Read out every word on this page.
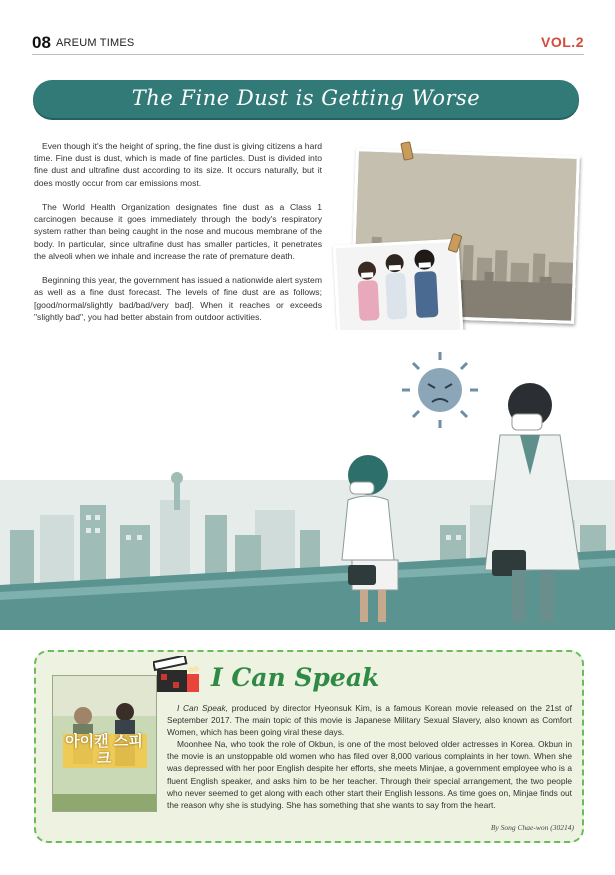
08 AREUM TIMES	VOL.2
The Fine Dust is Getting Worse

Even though it's the height of spring, the fine dust is giving citizens a hard time. Fine dust is dust, which is made of fine particles. Dust is divided into fine dust and ultrafine dust according to its size. It occurs naturally, but it does mostly occur from car emissions most.

The World Health Organization designates fine dust as a Class 1 carcinogen because it goes immediately through the body's respiratory system rather than being caught in the nose and mucous membrane of the body. In particular, since ultrafine dust has smaller particles, it penetrates the alveoli when we inhale and increase the rate of premature death.

Beginning this year, the government has issued a nationwide alert system as well as a fine dust forecast. The levels of fine dust are as follows; [good/normal/slightly bad/bad/very bad]. When it reaches or exceeds "slightly bad", you had better abstain from outdoor activities.

아이캔 스피크
I Can Speak

I Can Speak, produced by director Hyeonsuk Kim, is a famous Korean movie released on the 21st of September 2017. The main topic of this movie is Japanese Military Sexual Slavery, also known as Comfort Women, which has been going viral these days.

Moonhee Na, who took the role of Okbun, is one of the most beloved older actresses in Korea. Okbun in the movie is an unstoppable old women who has filed over 8,000 various complaints in her town. When she was depressed with her poor English despite her efforts, she meets Minjae, a government employee who is a fluent English speaker, and asks him to be her teacher. Through their special arrangement, the two people who never seemed to get along with each other start their English lessons. As time goes on, Minjae finds out the reason why she is studying. She has something that she wants to say from the heart.

By Song Chae-won (30214)
